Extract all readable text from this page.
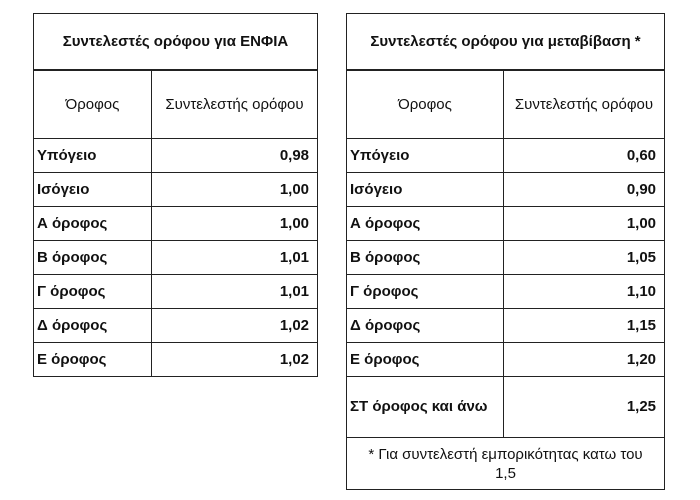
Συντελεστές ορόφου για ΕΝΦΙΑ	
Όροφος	Συντελεστής ορόφου
Υπόγειο	0,98
Ισόγειο	1,00
Α όροφος	1,00
Β όροφος	1,01
Γ όροφος	1,01
Δ όροφος	1,02
Ε όροφος	1,02
Συντελεστές ορόφου για μεταβίβαση *	
Όροφος	Συντελεστής ορόφου
Υπόγειο	0,60
Ισόγειο	0,90
Α όροφος	1,00
Β όροφος	1,05
Γ όροφος	1,10
Δ όροφος	1,15
Ε όροφος	1,20
ΣΤ όροφος και άνω	1,25
* Για συντελεστή εμπορικότητας κατω του 1,5	
